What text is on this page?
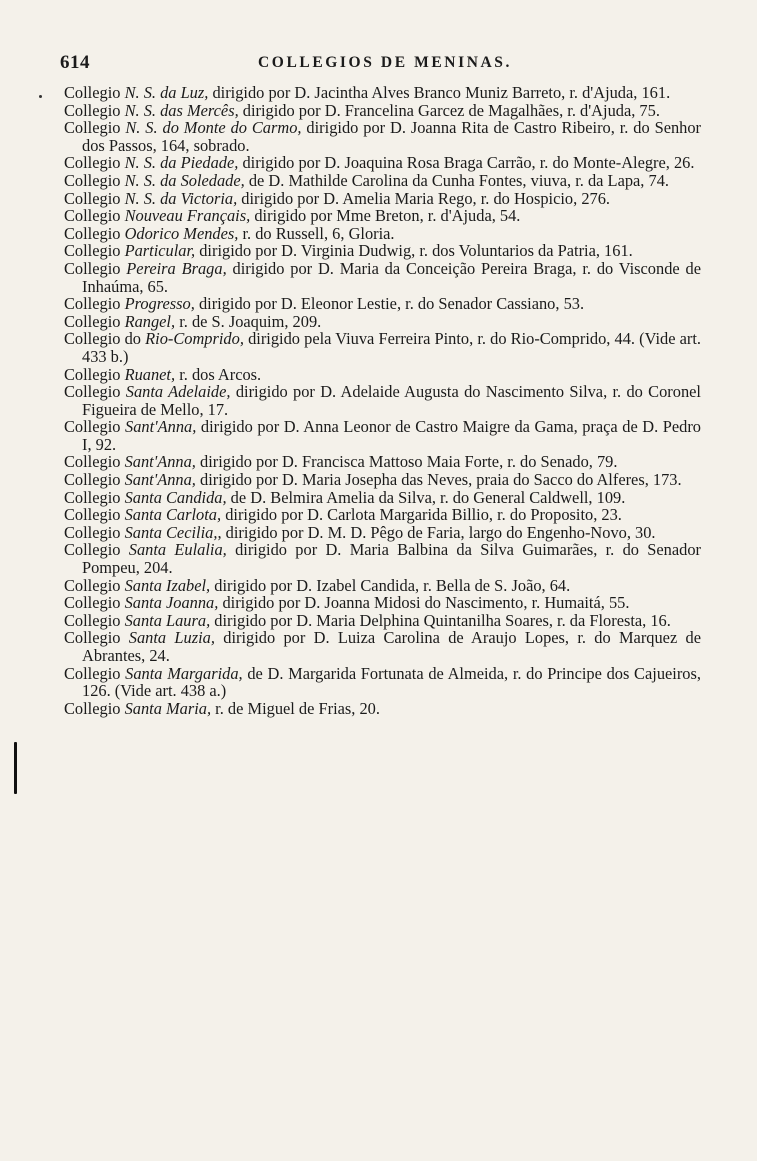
614	COLLEGIOS DE MENINAS.

Collegio N. S. da Luz, dirigido por D. Jacintha Alves Branco Muniz Barreto, r. d'Ajuda, 161.

Collegio N. S. das Mercês, dirigido por D. Francelina Garcez de Magalhães, r. d'Ajuda, 75.

Collegio N. S. do Monte do Carmo, dirigido por D. Joanna Rita de Castro Ribeiro, r. do Senhor dos Passos, 164, sobrado.

Collegio N. S. da Piedade, dirigido por D. Joaquina Rosa Braga Carrão, r. do Monte-Alegre, 26.

Collegio N. S. da Soledade, de D. Mathilde Carolina da Cunha Fontes, viuva, r. da Lapa, 74.

Collegio N. S. da Victoria, dirigido por D. Amelia Maria Rego, r. do Hospicio, 276.

Collegio Nouveau Français, dirigido por Mme Breton, r. d'Ajuda, 54.

Collegio Odorico Mendes, r. do Russell, 6, Gloria.

Collegio Particular, dirigido por D. Virginia Dudwig, r. dos Voluntarios da Patria, 161.

Collegio Pereira Braga, dirigido por D. Maria da Conceição Pereira Braga, r. do Visconde de Inhaúma, 65.

Collegio Progresso, dirigido por D. Eleonor Lestie, r. do Senador Cassiano, 53.

Collegio Rangel, r. de S. Joaquim, 209.

Collegio do Rio-Comprido, dirigido pela Viuva Ferreira Pinto, r. do Rio-Comprido, 44. (Vide art. 433 b.)

Collegio Ruanet, r. dos Arcos.

Collegio Santa Adelaide, dirigido por D. Adelaide Augusta do Nascimento Silva, r. do Coronel Figueira de Mello, 17.

Collegio Sant'Anna, dirigido por D. Anna Leonor de Castro Maigre da Gama, praça de D. Pedro I, 92.

Collegio Sant'Anna, dirigido por D. Francisca Mattoso Maia Forte, r. do Senado, 79.

Collegio Sant'Anna, dirigido por D. Maria Josepha das Neves, praia do Sacco do Alferes, 173.

Collegio Santa Candida, de D. Belmira Amelia da Silva, r. do General Caldwell, 109.

Collegio Santa Carlota, dirigido por D. Carlota Margarida Billio, r. do Proposito, 23.

Collegio Santa Cecilia,, dirigido por D. M. D. Pêgo de Faria, largo do Engenho-Novo, 30.

Collegio Santa Eulalia, dirigido por D. Maria Balbina da Silva Guimarães, r. do Senador Pompeu, 204.

Collegio Santa Izabel, dirigido por D. Izabel Candida, r. Bella de S. João, 64.

Collegio Santa Joanna, dirigido por D. Joanna Midosi do Nascimento, r. Humaitá, 55.

Collegio Santa Laura, dirigido por D. Maria Delphina Quintanilha Soares, r. da Floresta, 16.

Collegio Santa Luzia, dirigido por D. Luiza Carolina de Araujo Lopes, r. do Marquez de Abrantes, 24.

Collegio Santa Margarida, de D. Margarida Fortunata de Almeida, r. do Principe dos Cajueiros, 126. (Vide art. 438 a.)

Collegio Santa Maria, r. de Miguel de Frias, 20.
